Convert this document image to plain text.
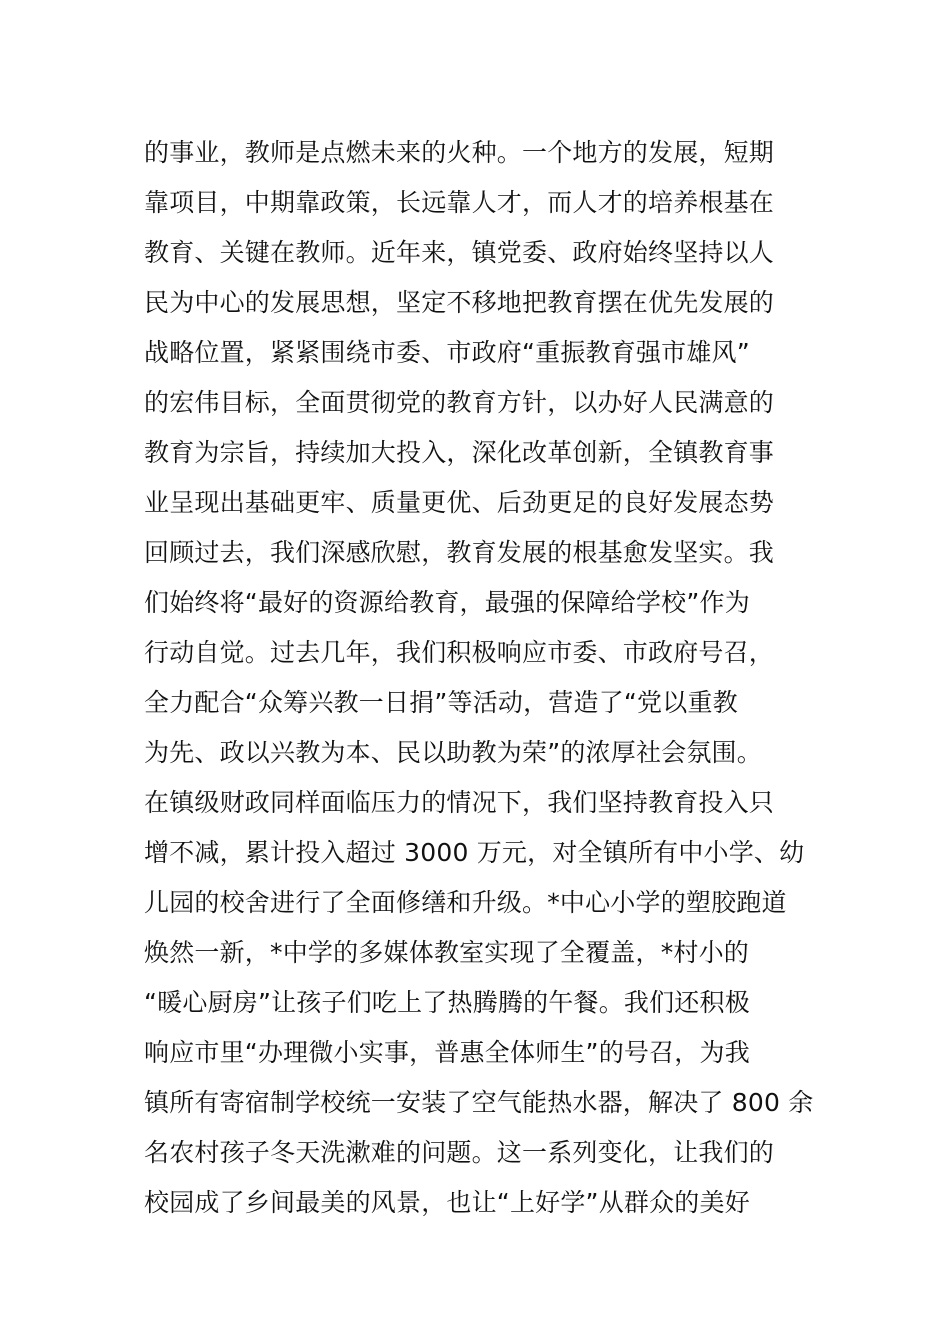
的事业，教师是点燃未来的火种。一个地方的发展，短期
靠项目，中期靠政策，长远靠人才，而人才的培养根基在
教育、关键在教师。近年来，镇党委、政府始终坚持以人
民为中心的发展思想，坚定不移地把教育摆在优先发展的
战略位置，紧紧围绕市委、市政府“重振教育强市雄风”
的宏伟目标，全面贯彻党的教育方针，以办好人民满意的
教育为宗旨，持续加大投入，深化改革创新，全镇教育事
业呈现出基础更牢、质量更优、后劲更足的良好发展态势
回顾过去，我们深感欣慰，教育发展的根基愈发坚实。我
们始终将“最好的资源给教育，最强的保障给学校”作为
行动自觉。过去几年，我们积极响应市委、市政府号召，
全力配合“众筹兴教一日捐”等活动，营造了“党以重教
为先、政以兴教为本、民以助教为荣”的浓厚社会氛围。
在镇级财政同样面临压力的情况下，我们坚持教育投入只
增不减，累计投入超过 3000 万元，对全镇所有中小学、幼
儿园的校舍进行了全面修缮和升级。*中心小学的塑胶跑道
焕然一新，*中学的多媒体教室实现了全覆盖，*村小的
“暖心厨房”让孩子们吃上了热腾腾的午餐。我们还积极
响应市里“办理微小实事，普惠全体师生”的号召，为我
镇所有寄宿制学校统一安装了空气能热水器，解决了 800 余
名农村孩子冬天洗漱难的问题。这一系列变化，让我们的
校园成了乡间最美的风景，也让“上好学”从群众的美好
